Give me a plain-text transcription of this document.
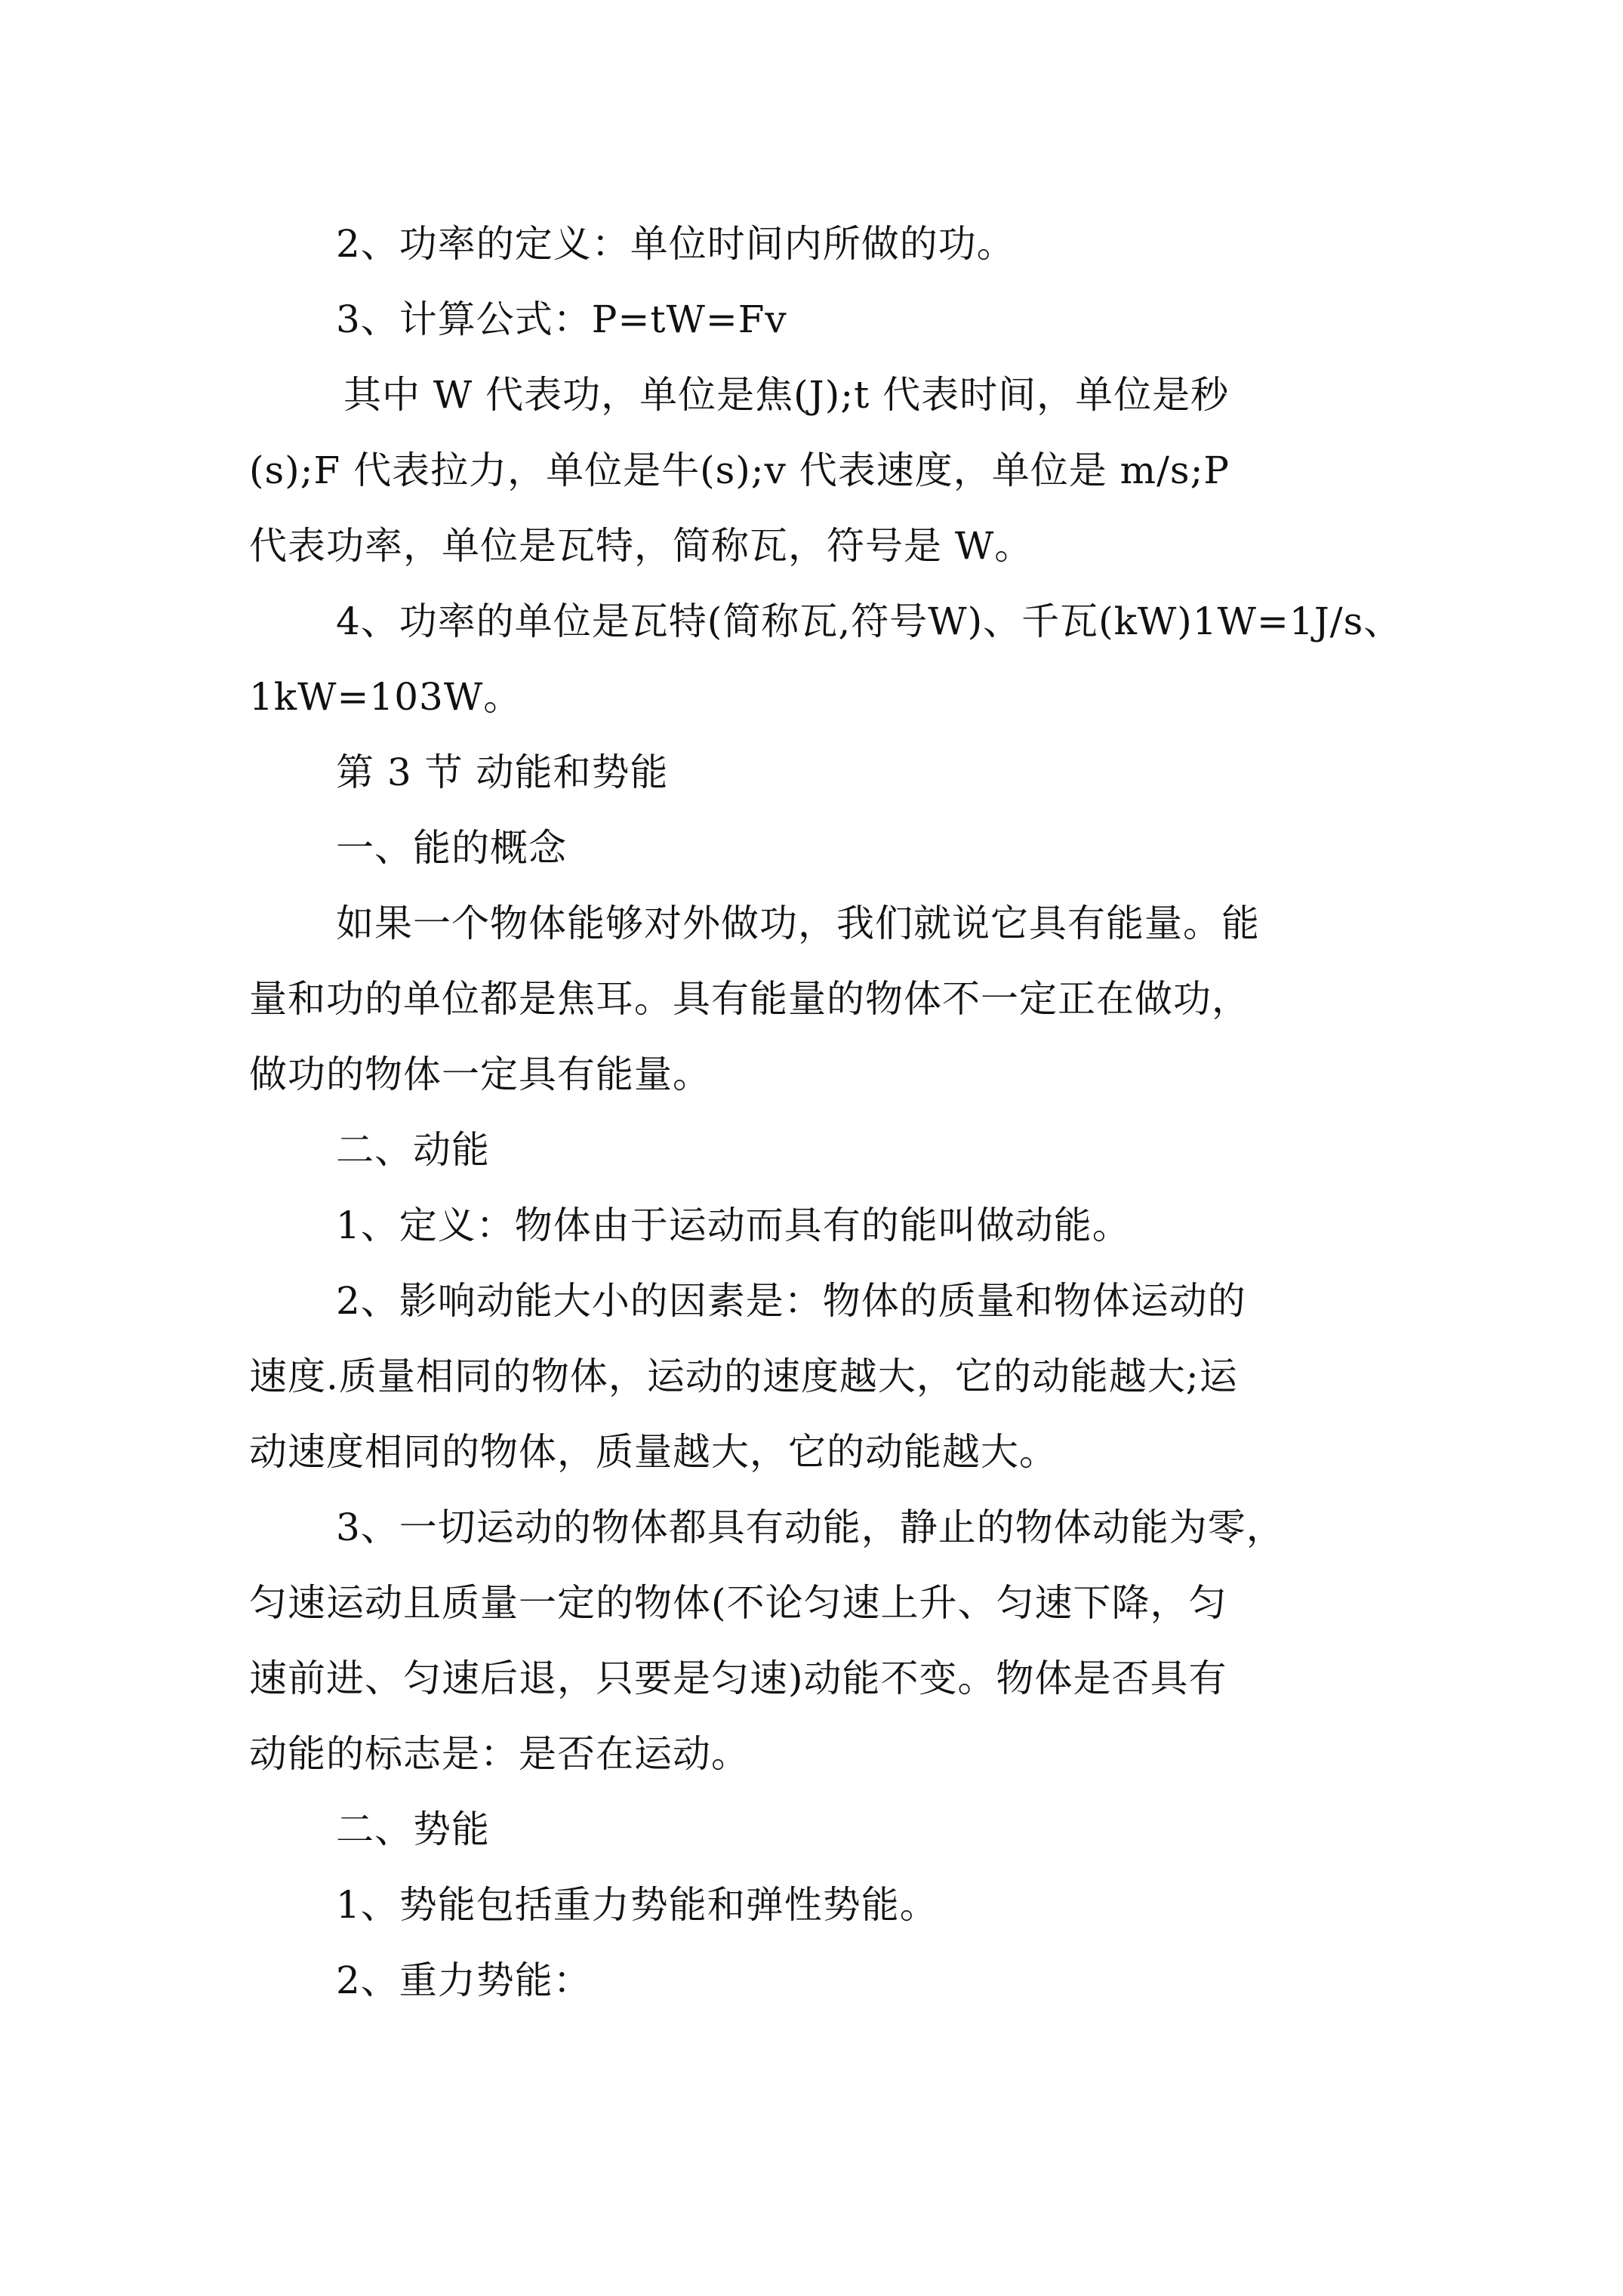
2、功率的定义：单位时间内所做的功。
3、计算公式：P=tW=Fv
其中 W 代表功，单位是焦(J);t 代表时间，单位是秒
(s);F 代表拉力，单位是牛(s);v 代表速度，单位是 m/s;P
代表功率，单位是瓦特，简称瓦，符号是 W。
4、功率的单位是瓦特(简称瓦,符号W)、千瓦(kW)1W=1J/s、
1kW=103W。
第 3 节 动能和势能
一、能的概念
如果一个物体能够对外做功，我们就说它具有能量。能
量和功的单位都是焦耳。具有能量的物体不一定正在做功，
做功的物体一定具有能量。
二、动能
1、定义：物体由于运动而具有的能叫做动能。
2、影响动能大小的因素是：物体的质量和物体运动的
速度.质量相同的物体，运动的速度越大，它的动能越大;运
动速度相同的物体，质量越大，它的动能越大。
3、一切运动的物体都具有动能，静止的物体动能为零，
匀速运动且质量一定的物体(不论匀速上升、匀速下降，匀
速前进、匀速后退，只要是匀速)动能不变。物体是否具有
动能的标志是：是否在运动。
二、势能
1、势能包括重力势能和弹性势能。
2、重力势能：
